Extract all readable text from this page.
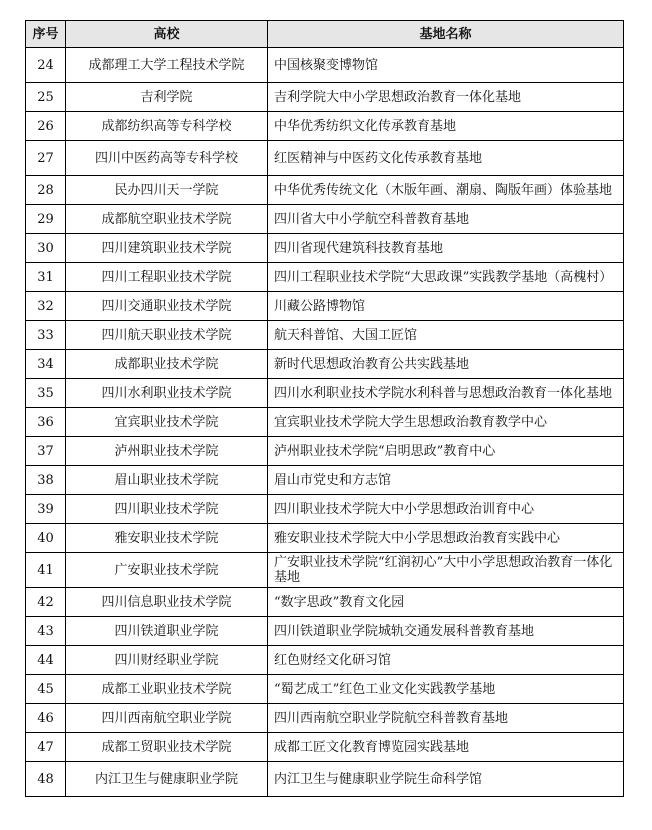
序号	高校	基地名称
24	成都理工大学工程技术学院	中国核聚变博物馆
25	吉利学院	吉利学院大中小学思想政治教育一体化基地
26	成都纺织高等专科学校	中华优秀纺织文化传承教育基地
27	四川中医药高等专科学校	红医精神与中医药文化传承教育基地
28	民办四川天一学院	中华优秀传统文化（木版年画、潮扇、陶版年画）体验基地
29	成都航空职业技术学院	四川省大中小学航空科普教育基地
30	四川建筑职业技术学院	四川省现代建筑科技教育基地
31	四川工程职业技术学院	四川工程职业技术学院“大思政课”实践教学基地（高槐村）

32	四川交通职业技术学院	川藏公路博物馆
33	四川航天职业技术学院	航天科普馆、大国工匠馆
34	成都职业技术学院	新时代思想政治教育公共实践基地
35	四川水利职业技术学院	四川水利职业技术学院水利科普与思想政治教育一体化基地
36	宜宾职业技术学院	宜宾职业技术学院大学生思想政治教育教学中心
37	泸州职业技术学院	泸州职业技术学院“启明思政”教育中心
38	眉山职业技术学院	眉山市党史和方志馆
39	四川职业技术学院	四川职业技术学院大中小学思想政治训育中心
40	雅安职业技术学院	雅安职业技术学院大中小学思想政治教育实践中心
41	广安职业技术学院	广安职业技术学院“红润初心”大中小学思想政治教育一体化基地
42	四川信息职业技术学院	“数字思政”教育文化园
43	四川铁道职业学院	四川铁道职业学院城轨交通发展科普教育基地
44	四川财经职业学院	红色财经文化研习馆
45	成都工业职业技术学院	“蜀艺成工”红色工业文化实践教学基地
46	四川西南航空职业学院	四川西南航空职业学院航空科普教育基地
47	成都工贸职业技术学院	成都工匠文化教育博览园实践基地
48	内江卫生与健康职业学院	内江卫生与健康职业学院生命科学馆
